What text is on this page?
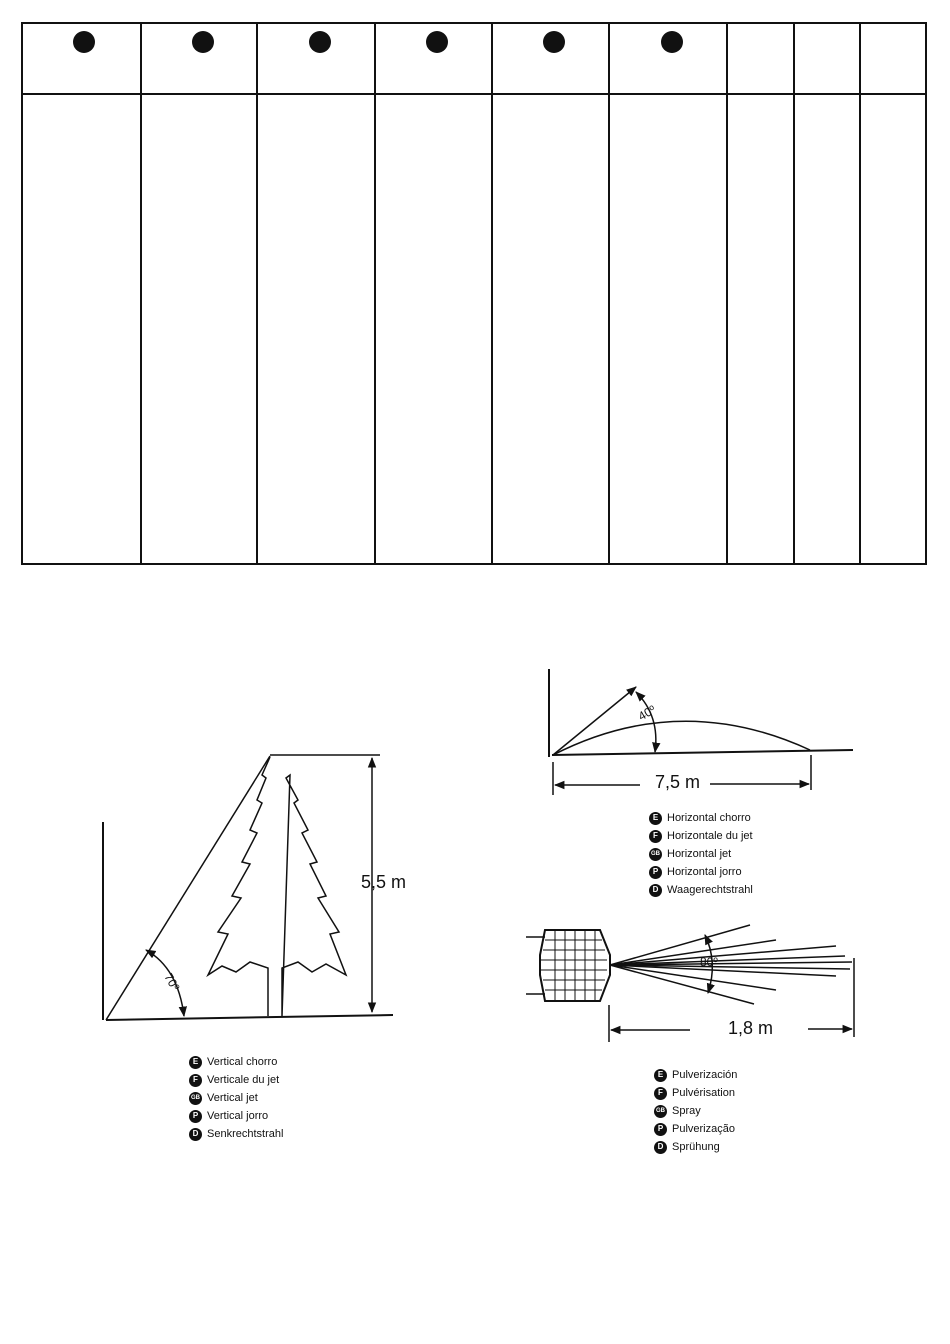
5,5 m
70º
7,5 m
40º
1,8 m
80º
E Vertical chorro
F Verticale du jet
GB Vertical jet
P Vertical jorro
D Senkrechtstrahl
E Horizontal chorro
F Horizontale du jet
GB Horizontal jet
P Horizontal jorro
D Waagerechtstrahl
E Pulverización
F Pulvérisation
GB Spray
P Pulverização
D Sprühung
